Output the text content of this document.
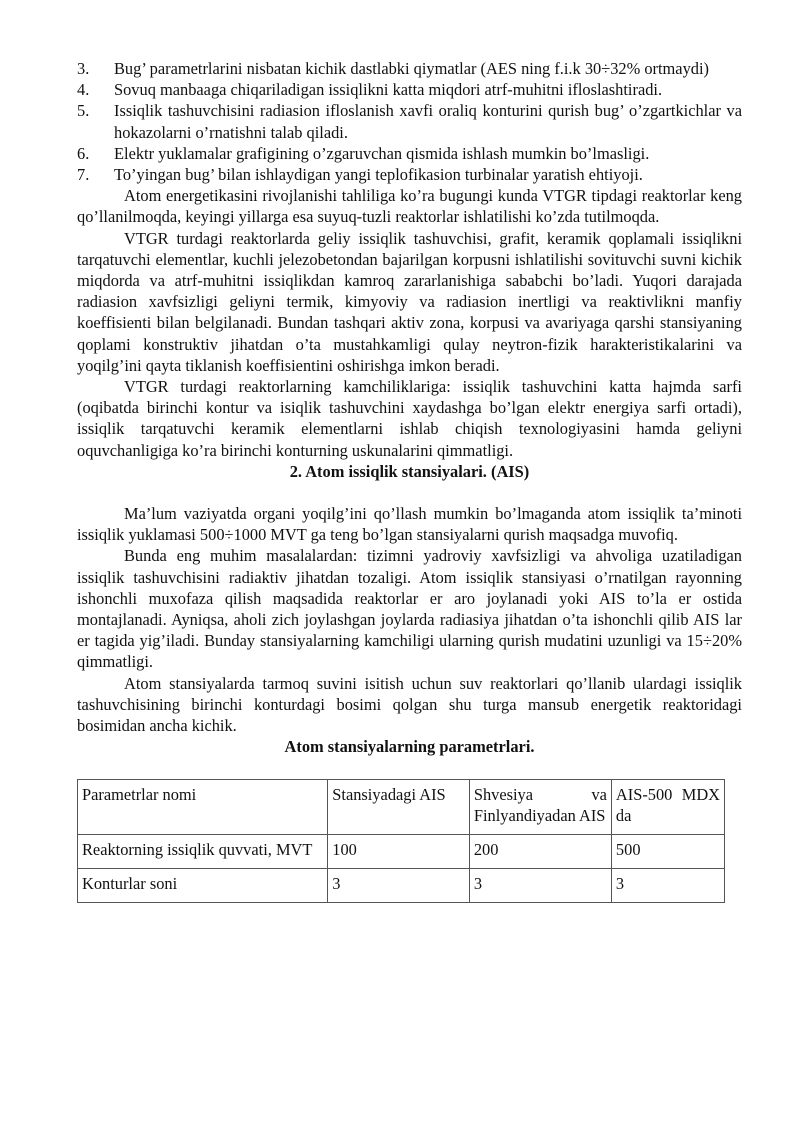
3.	Bug’ parametrlarini nisbatan kichik dastlabki qiymatlar (AES ning f.i.k 30÷32% ortmaydi)
4.	Sovuq manbaaga chiqariladigan issiqlikni katta miqdori atrf-muhitni ifloslashtiradi.
5.	Issiqlik tashuvchisini radiasion ifloslanish xavfi oraliq konturini qurish bug’ o’zgartkichlar va hokazolarni o’rnatishni talab qiladi.
6.	Elektr yuklamalar grafigining o’zgaruvchan qismida ishlash mumkin bo’lmasligi.
7.	To’yingan bug’ bilan ishlaydigan yangi teplofikasion turbinalar yaratish ehtiyoji.

Atom energetikasini rivojlanishi tahliliga ko’ra bugungi kunda VTGR tipdagi reaktorlar keng qo’llanilmoqda, keyingi yillarga esa suyuq-tuzli reaktorlar ishlatilishi ko’zda tutilmoqda.

VTGR turdagi reaktorlarda geliy issiqlik tashuvchisi, grafit, keramik qoplamali issiqlikni tarqatuvchi elementlar, kuchli jelezobetondan bajarilgan korpusni ishlatilishi sovituvchi suvni kichik miqdorda va atrf-muhitni issiqlikdan kamroq zararlanishiga sababchi bo’ladi. Yuqori darajada radiasion xavfsizligi geliyni termik, kimyoviy va radiasion inertligi va reaktivlikni manfiy koeffisienti bilan belgilanadi. Bundan tashqari aktiv zona, korpusi va avariyaga qarshi stansiyaning qoplami konstruktiv jihatdan o’ta mustahkamligi qulay neytron-fizik harakteristikalarini va yoqilg’ini qayta tiklanish koeffisientini oshirishga imkon beradi.

VTGR turdagi reaktorlarning kamchiliklariga: issiqlik tashuvchini katta hajmda sarfi (oqibatda birinchi kontur va isiqlik tashuvchini xaydashga bo’lgan elektr energiya sarfi ortadi), issiqlik tarqatuvchi keramik elementlarni ishlab chiqish texnologiyasini hamda geliyni oquvchanligiga ko’ra birinchi konturning uskunalarini qimmatligi.

2. Atom issiqlik stansiyalari. (AIS)

Ma’lum vaziyatda organi yoqilg’ini qo’llash mumkin bo’lmaganda atom issiqlik ta’minoti issiqlik yuklamasi 500÷1000 MVT ga teng bo’lgan stansiyalarni qurish maqsadga muvofiq.

Bunda eng muhim masalalardan: tizimni yadroviy xavfsizligi va ahvoliga uzatiladigan issiqlik tashuvchisini radiaktiv jihatdan tozaligi. Atom issiqlik stansiyasi o’rnatilgan rayonning ishonchli muxofaza qilish maqsadida reaktorlar er aro joylanadi yoki AIS to’la er ostida montajlanadi. Ayniqsa, aholi zich joylashgan joylarda radiasiya jihatdan o’ta ishonchli qilib AIS lar er tagida yig’iladi. Bunday stansiyalarning kamchiligi ularning qurish mudatini uzunligi va 15÷20% qimmatligi.

Atom stansiyalarda tarmoq suvini isitish uchun suv reaktorlari qo’llanib ulardagi issiqlik tashuvchisining birinchi konturdagi bosimi qolgan shu turga mansub energetik reaktoridagi bosimidan ancha kichik.

Atom stansiyalarning parametrlari.

Parametrlar nomi	Stansiyadagi AIS	Shvesiya va Finlyandiyadan AIS	AIS-500 MDX da
Reaktorning issiqlik quvvati, MVT	100	200	500
Konturlar soni	3	3	3
